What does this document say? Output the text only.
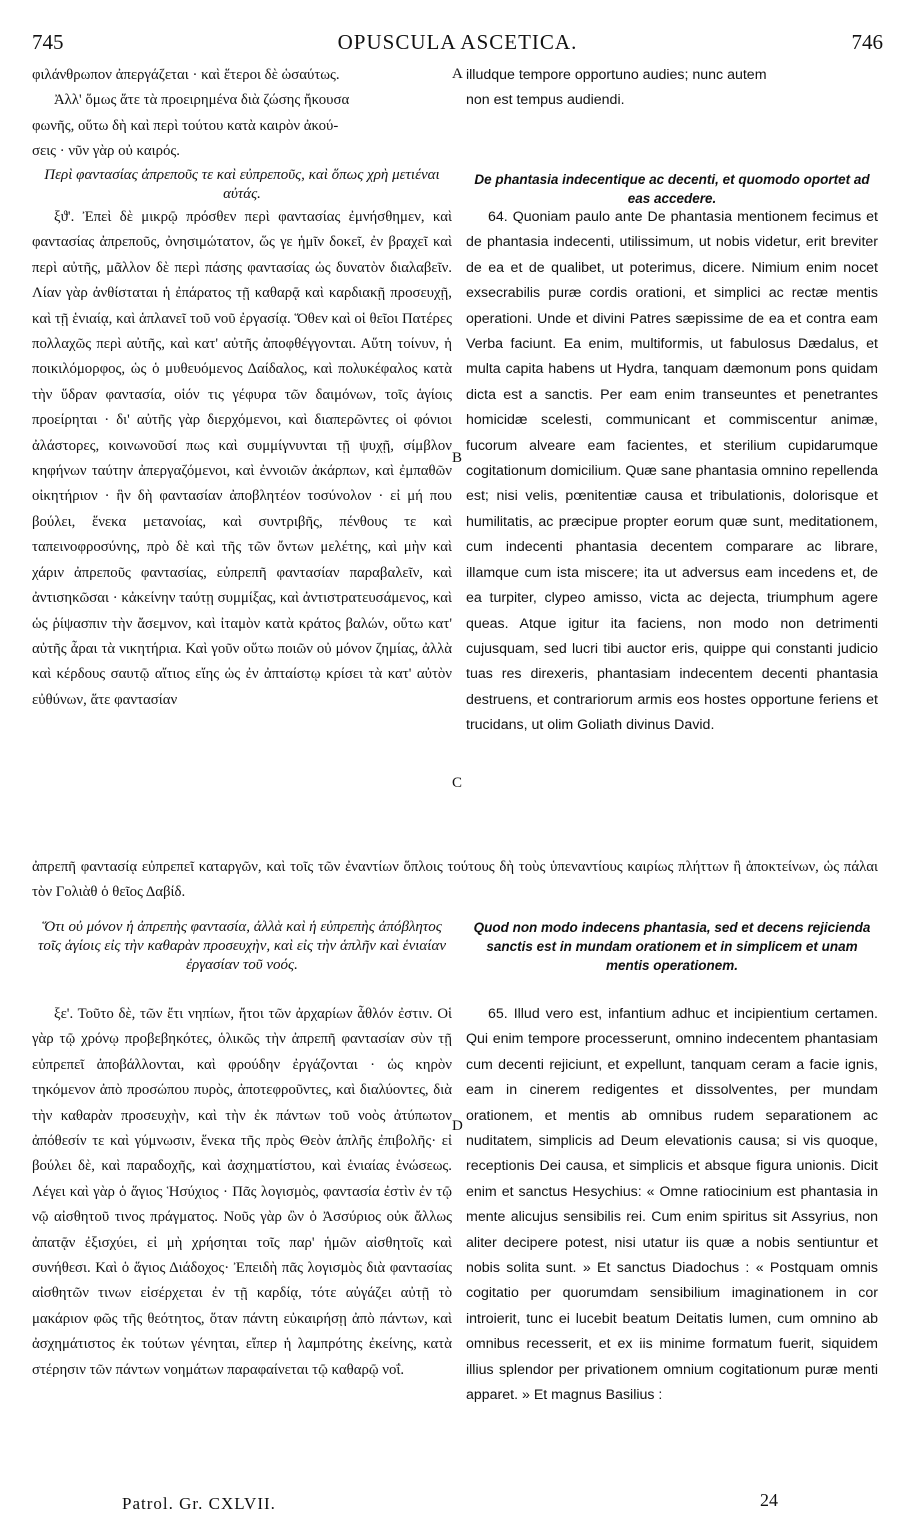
745	OPUSCULA ASCETICA.	746

φιλάνθρωπον ἀπεργάζεται · καὶ ἕτεροι δὲ ὡσαύτως.

Ἀλλ' ὅμως ἅτε τὰ προειρημένα διὰ ζώσης ἤκουσα

φωνῆς, οὕτω δὴ καὶ περὶ τούτου κατὰ καιρὸν ἀκού-

σεις · νῦν γὰρ οὐ καιρός.

illudque tempore opportuno audies; nunc autem

non est tempus audiendi.

A

Περὶ φαντασίας ἀπρεποῦς τε καὶ εὐπρεποῦς, καὶ ὅπως χρὴ μετιέναι αὐτάς.

De phantasia indecentique ac decenti, et quomodo oportet ad eas accedere.

ξϑ'. Ἐπεὶ δὲ μικρῷ πρόσθεν περὶ φαντασίας ἐμνήσθημεν, καὶ φαντασίας ἀπρεποῦς, ὀνησιμώτατον, ὥς γε ἡμῖν δοκεῖ, ἐν βραχεῖ καὶ περὶ αὐτῆς, μᾶλλον δὲ περὶ πάσης φαντασίας ὡς δυνατὸν διαλαβεῖν. Λίαν γὰρ ἀνθίσταται ἡ ἐπάρατος τῇ καθαρᾷ καὶ καρδιακῇ προσευχῇ, καὶ τῇ ἑνιαίᾳ, καὶ ἁπλανεῖ τοῦ νοῦ ἐργασίᾳ. Ὅθεν καὶ οἱ θεῖοι Πατέρες πολλαχῶς περὶ αὐτῆς, καὶ κατ' αὐτῆς ἀποφθέγγονται. Αὕτη τοίνυν, ἡ ποικιλόμορφος, ὡς ὁ μυθευόμενος Δαίδαλος, καὶ πολυκέφαλος κατὰ τὴν ὕδραν φαντασία, οἱόν τις γέφυρα τῶν δαιμόνων, τοῖς ἁγίοις προείρηται · δι' αὐτῆς γὰρ διερχόμενοι, καὶ διαπερῶντες οἱ φόνιοι ἀλάστορες, κοινωνοῦσί πως καὶ συμμίγνυνται τῇ ψυχῇ, σίμβλον κηφήνων ταύτην ἀπεργαζόμενοι, καὶ ἐννοιῶν ἀκάρπων, καὶ ἐμπαθῶν οἰκητήριον · ἣν δὴ φαντασίαν ἀποβλητέον τοσύνολον · εἰ μή που βούλει, ἕνεκα μετανοίας, καὶ συντριβῆς, πένθους τε καὶ ταπεινοφροσύνης, πρὸ δὲ καὶ τῆς τῶν ὄντων μελέτης, καὶ μὴν καὶ χάριν ἀπρεποῦς φαντασίας, εὐπρεπῆ φαντασίαν παραβαλεῖν, καὶ ἀντισηκῶσαι · κἀκείνην ταύτῃ συμμίξας, καὶ ἀντιστρατευσάμενος, καὶ ὡς ῥίψασπιν τὴν ἄσεμνον, καὶ ἰταμὸν κατὰ κράτος βαλών, οὕτω κατ' αὐτῆς ἆραι τὰ νικητήρια. Καὶ γοῦν οὕτω ποιῶν οὐ μόνον ζημίας, ἀλλὰ καὶ κέρδους σαυτῷ αἴτιος εἴης ὡς ἐν ἀπταίστῳ κρίσει τὰ κατ' αὐτὸν εὐθύνων, ἅτε φαντασίαν

64. Quoniam paulo ante De phantasia mentionem fecimus et de phantasia indecenti, utilissimum, ut nobis videtur, erit breviter de ea et de qualibet, ut poterimus, dicere. Nimium enim nocet exsecrabilis puræ cordis orationi, et simplici ac rectæ mentis operationi. Unde et divini Patres sæpissime de ea et contra eam Verba faciunt. Ea enim, multiformis, ut fabulosus Dædalus, et multa capita habens ut Hydra, tanquam dæmonum pons quidam dicta est a sanctis. Per eam enim transeuntes et penetrantes homicidæ scelesti, communicant et commiscentur animæ, fucorum alveare eam facientes, et sterilium cupidarumque cogitationum domicilium. Quæ sane phantasia omnino repellenda est; nisi velis, pœnitentiæ causa et tribulationis, dolorisque et humilitatis, ac præcipue propter eorum quæ sunt, meditationem, cum indecenti phantasia decentem comparare ac librare, illamque cum ista miscere; ita ut adversus eam incedens et, de ea turpiter, clypeo amisso, victa ac dejecta, triumphum agere queas. Atque igitur ita faciens, non modo non detrimenti cujusquam, sed lucri tibi auctor eris, quippe qui constanti judicio tuas res direxeris, phantasiam indecentem decenti phantasia destruens, et contrariorum armis eos hostes opportune feriens et trucidans, ut olim Goliath divinus David.

B
C

ἀπρεπῆ φαντασίᾳ εὐπρεπεῖ καταργῶν, καὶ τοῖς τῶν ἐναντίων ὅπλοις τούτους δὴ τοὺς ὑπεναντίους καιρίως πλήττων ἢ ἀποκτείνων, ὡς πάλαι τὸν Γολιὰθ ὁ θεῖος Δαβίδ.

Ὅτι οὐ μόνον ἡ ἀπρεπὴς φαντασία, ἀλλὰ καὶ ἡ εὐπρεπὴς ἀπόβλητος τοῖς ἁγίοις εἰς τὴν καθαρὰν προσευχὴν, καὶ εἰς τὴν ἁπλῆν καὶ ἑνιαίαν ἐργασίαν τοῦ νοός.

Quod non modo indecens phantasia, sed et decens rejicienda sanctis est in mundam orationem et in simplicem et unam mentis operationem.

ξε'. Τοῦτο δὲ, τῶν ἔτι νηπίων, ἤτοι τῶν ἀρχαρίων ἆθλόν ἐστιν. Οἱ γὰρ τῷ χρόνῳ προβεβηκότες, ὁλικῶς τὴν ἀπρεπῆ φαντασίαν σὺν τῇ εὐπρεπεῖ ἀποβάλλονται, καὶ φρούδην ἐργάζονται · ὡς κηρὸν τηκόμενον ἀπὸ προσώπου πυρὸς, ἀποτεφροῦντες, καὶ διαλύοντες, διὰ τὴν καθαρὰν προσευχὴν, καὶ τὴν ἐκ πάντων τοῦ νοὸς ἀτύπωτον ἀπόθεσίν τε καὶ γύμνωσιν, ἕνεκα τῆς πρὸς Θεὸν ἁπλῆς ἐπιβολῆς· εἰ βούλει δὲ, καὶ παραδοχῆς, καὶ ἀσχηματίστου, καὶ ἑνιαίας ἑνώσεως. Λέγει καὶ γὰρ ὁ ἅγιος Ἡσύχιος · Πᾶς λογισμὸς, φαντασία ἐστὶν ἐν τῷ νῷ αἰσθητοῦ τινος πράγματος. Νοῦς γὰρ ὢν ὁ Ἀσσύριος οὐκ ἄλλως ἀπατᾷν ἐξισχύει, εἰ μὴ χρήσηται τοῖς παρ' ἡμῶν αἰσθητοῖς καὶ συνήθεσι. Καὶ ὁ ἅγιος Διάδοχος· Ἐπειδὴ πᾶς λογισμὸς διὰ φαντασίας αἰσθητῶν τινων εἰσέρχεται ἐν τῇ καρδίᾳ, τότε αὐγάζει αὐτῇ τὸ μακάριον φῶς τῆς θεότητος, ὅταν πάντη εὐκαιρήσῃ ἀπὸ πάντων, καὶ ἀσχημάτιστος ἐκ τούτων γένηται, εἴπερ ἡ λαμπρότης ἐκείνης, κατὰ στέρησιν τῶν πάντων νοημάτων παραφαίνεται τῷ καθαρῷ νοΐ.

65. Illud vero est, infantium adhuc et incipientium certamen. Qui enim tempore processerunt, omnino indecentem phantasiam cum decenti rejiciunt, et expellunt, tanquam ceram a facie ignis, eam in cinerem redigentes et dissolventes, per mundam orationem, et mentis ab omnibus rudem separationem ac nuditatem, simplicis ad Deum elevationis causa; si vis quoque, receptionis Dei causa, et simplicis et absque figura unionis. Dicit enim et sanctus Hesychius: « Omne ratiocinium est phantasia in mente alicujus sensibilis rei. Cum enim spiritus sit Assyrius, non aliter decipere potest, nisi utatur iis quæ a nobis sentiuntur et nobis solita sunt. » Et sanctus Diadochus : « Postquam omnis cogitatio per quorumdam sensibilium imaginationem in cor introierit, tunc ei lucebit beatum Deitatis lumen, cum omnino ab omnibus recesserit, et ex iis minime formatum fuerit, siquidem illius splendor per privationem omnium cogitationum puræ menti apparet. » Et magnus Basilius :

D
Patrol. Gr. CXLVII.	24
